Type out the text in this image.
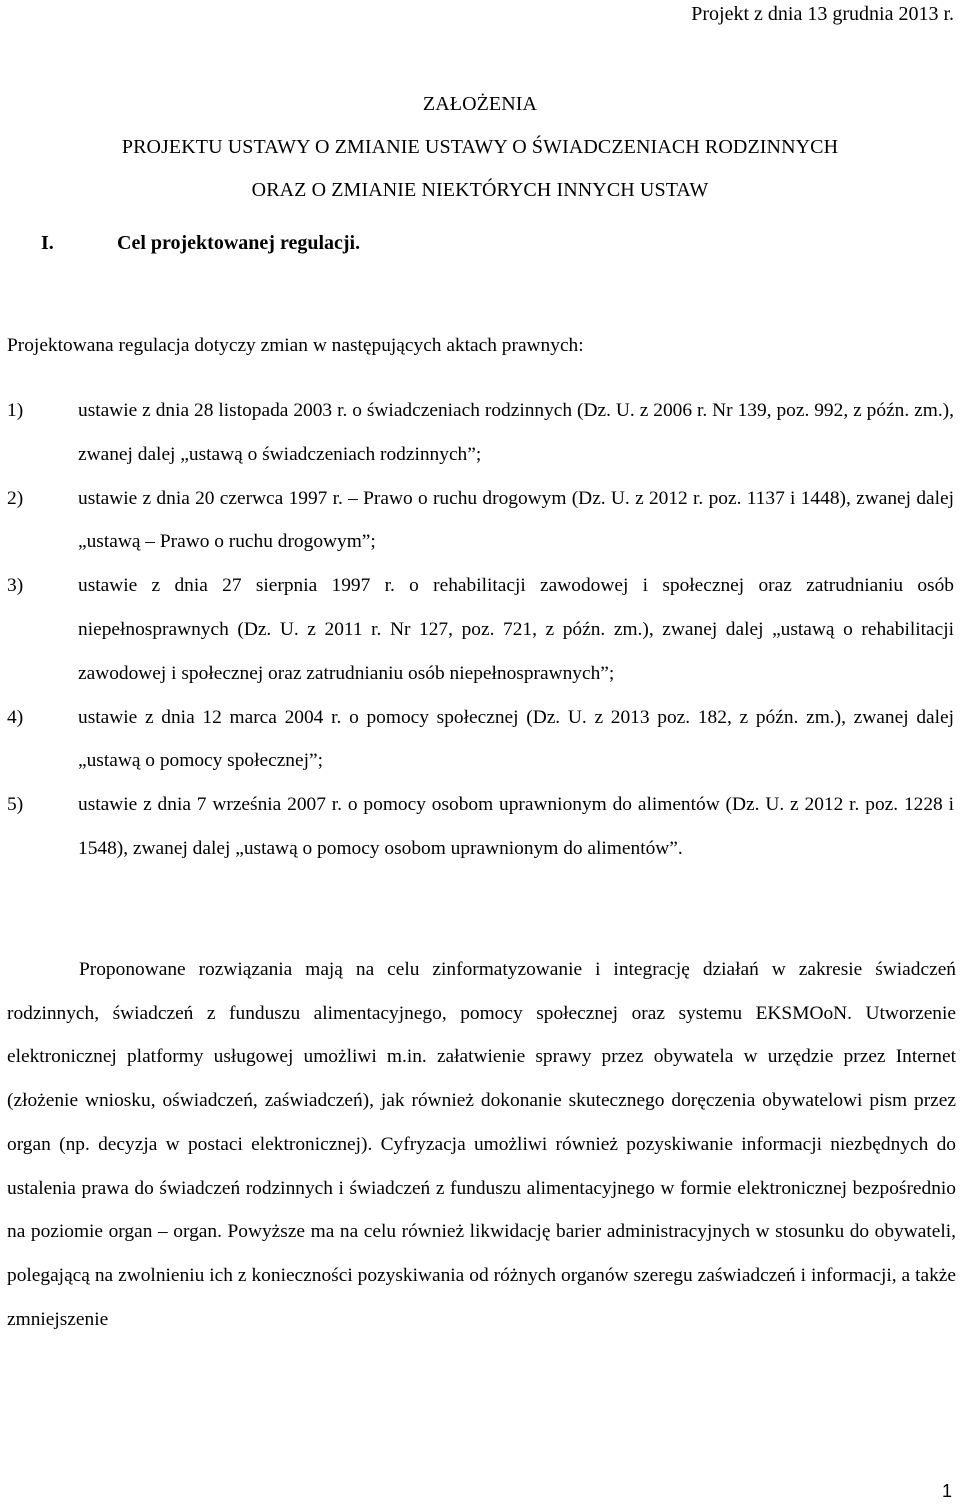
Projekt z dnia 13 grudnia 2013 r.
ZAŁOŻENIA
PROJEKTU USTAWY O ZMIANIE USTAWY O ŚWIADCZENIACH RODZINNYCH
ORAZ O ZMIANIE NIEKTÓRYCH INNYCH USTAW
I.	Cel projektowanej regulacji.
Projektowana regulacja dotyczy zmian w następujących aktach prawnych:
1)	ustawie z dnia 28 listopada 2003 r. o świadczeniach rodzinnych (Dz. U. z 2006 r. Nr 139, poz. 992, z późn. zm.), zwanej dalej „ustawą o świadczeniach rodzinnych”;
2)	ustawie z dnia 20 czerwca 1997 r. – Prawo o ruchu drogowym (Dz. U. z 2012 r. poz. 1137 i 1448), zwanej dalej „ustawą – Prawo o ruchu drogowym”;
3)	ustawie z dnia 27 sierpnia 1997 r. o rehabilitacji zawodowej i społecznej oraz zatrudnianiu osób niepełnosprawnych (Dz. U. z 2011 r. Nr 127, poz. 721, z późn. zm.), zwanej dalej „ustawą o rehabilitacji zawodowej i społecznej oraz zatrudnianiu osób niepełnosprawnych”;
4)	ustawie z dnia 12 marca 2004 r. o pomocy społecznej (Dz. U. z 2013 poz. 182, z późn. zm.), zwanej dalej „ustawą o pomocy społecznej”;
5)	ustawie z dnia 7 września 2007 r. o pomocy osobom uprawnionym do alimentów (Dz. U. z 2012 r. poz. 1228 i 1548), zwanej dalej „ustawą o pomocy osobom uprawnionym do alimentów”.

Proponowane rozwiązania mają na celu zinformatyzowanie i integrację działań w zakresie świadczeń rodzinnych, świadczeń z funduszu alimentacyjnego, pomocy społecznej oraz systemu EKSMOoN. Utworzenie elektronicznej platformy usługowej umożliwi m.in. załatwienie sprawy przez obywatela w urzędzie przez Internet (złożenie wniosku, oświadczeń, zaświadczeń), jak również dokonanie skutecznego doręczenia obywatelowi pism przez organ (np. decyzja w postaci elektronicznej). Cyfryzacja umożliwi również pozyskiwanie informacji niezbędnych do ustalenia prawa do świadczeń rodzinnych i świadczeń z funduszu alimentacyjnego w formie elektronicznej bezpośrednio na poziomie organ – organ. Powyższe ma na celu również likwidację barier administracyjnych w stosunku do obywateli, polegającą na zwolnieniu ich z konieczności pozyskiwania od różnych organów szeregu zaświadczeń i informacji, a także zmniejszenie

1
